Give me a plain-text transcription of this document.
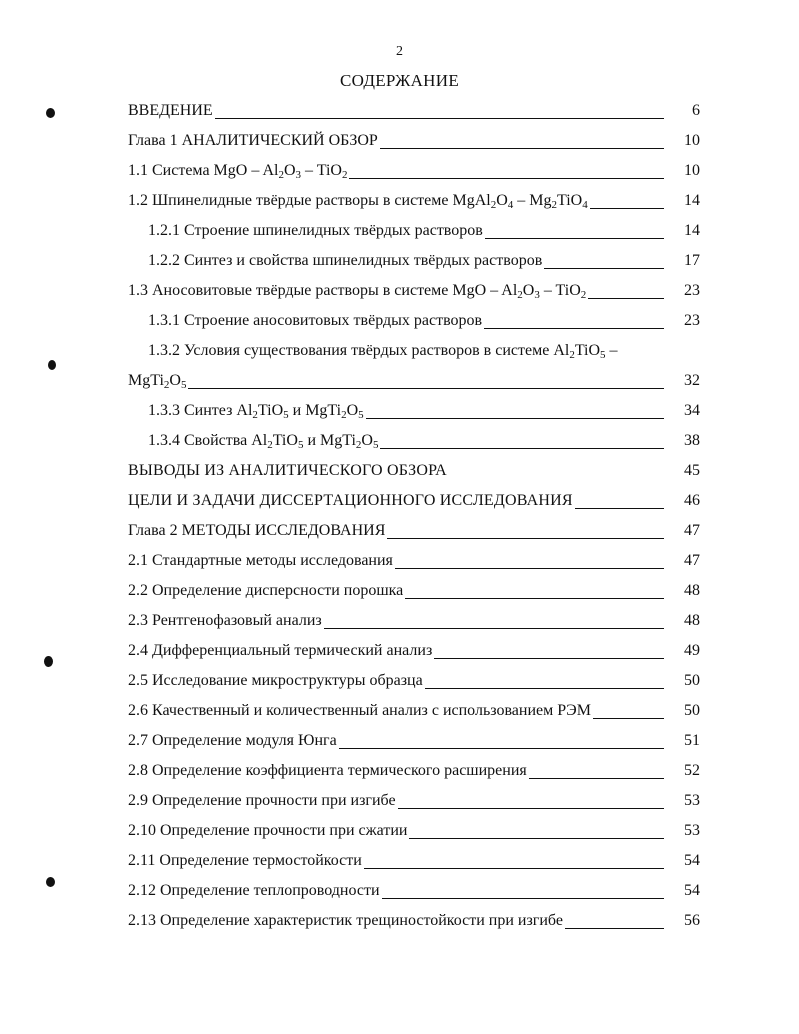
2
СОДЕРЖАНИЕ
ВВЕДЕНИЕ	6
Глава 1 АНАЛИТИЧЕСКИЙ ОБЗОР	10
1.1 Система MgO – $Al_2O_3 - TiO_2$	10
1.2 Шпинелидные твёрдые растворы в системе $MgAl_2O_4 - Mg_2TiO_4$	14
1.2.1 Строение шпинелидных твёрдых растворов	14
1.2.2 Синтез и свойства шпинелидных твёрдых растворов	17
1.3 Аносовитовые твёрдые растворы в системе MgO – $Al_2O_3 - TiO_2$	23
1.3.1 Строение аносовитовых твёрдых растворов	23
1.3.2 Условия существования твёрдых растворов в системе $Al_2TiO_5$ –
$MgTi_2O_5$	32
1.3.3 Синтез $Al_2TiO_5$ и $MgTi_2O_5$	34
1.3.4 Свойства $Al_2TiO_5$ и $MgTi_2O_5$	38
ВЫВОДЫ ИЗ АНАЛИТИЧЕСКОГО ОБЗОРА	45
ЦЕЛИ И ЗАДАЧИ ДИССЕРТАЦИОННОГО ИССЛЕДОВАНИЯ	46
Глава 2 МЕТОДЫ ИССЛЕДОВАНИЯ	47
2.1 Стандартные методы исследования	47
2.2 Определение дисперсности порошка	48
2.3 Рентгенофазовый анализ	48
2.4 Дифференциальный термический анализ	49
2.5 Исследование микроструктуры образца	50
2.6 Качественный и количественный анализ с использованием РЭМ	50
2.7 Определение модуля Юнга	51
2.8 Определение коэффициента термического расширения	52
2.9 Определение прочности при изгибе	53
2.10 Определение прочности при сжатии	53
2.11 Определение термостойкости	54
2.12 Определение теплопроводности	54
2.13 Определение характеристик трещиностойкости при изгибе	56
